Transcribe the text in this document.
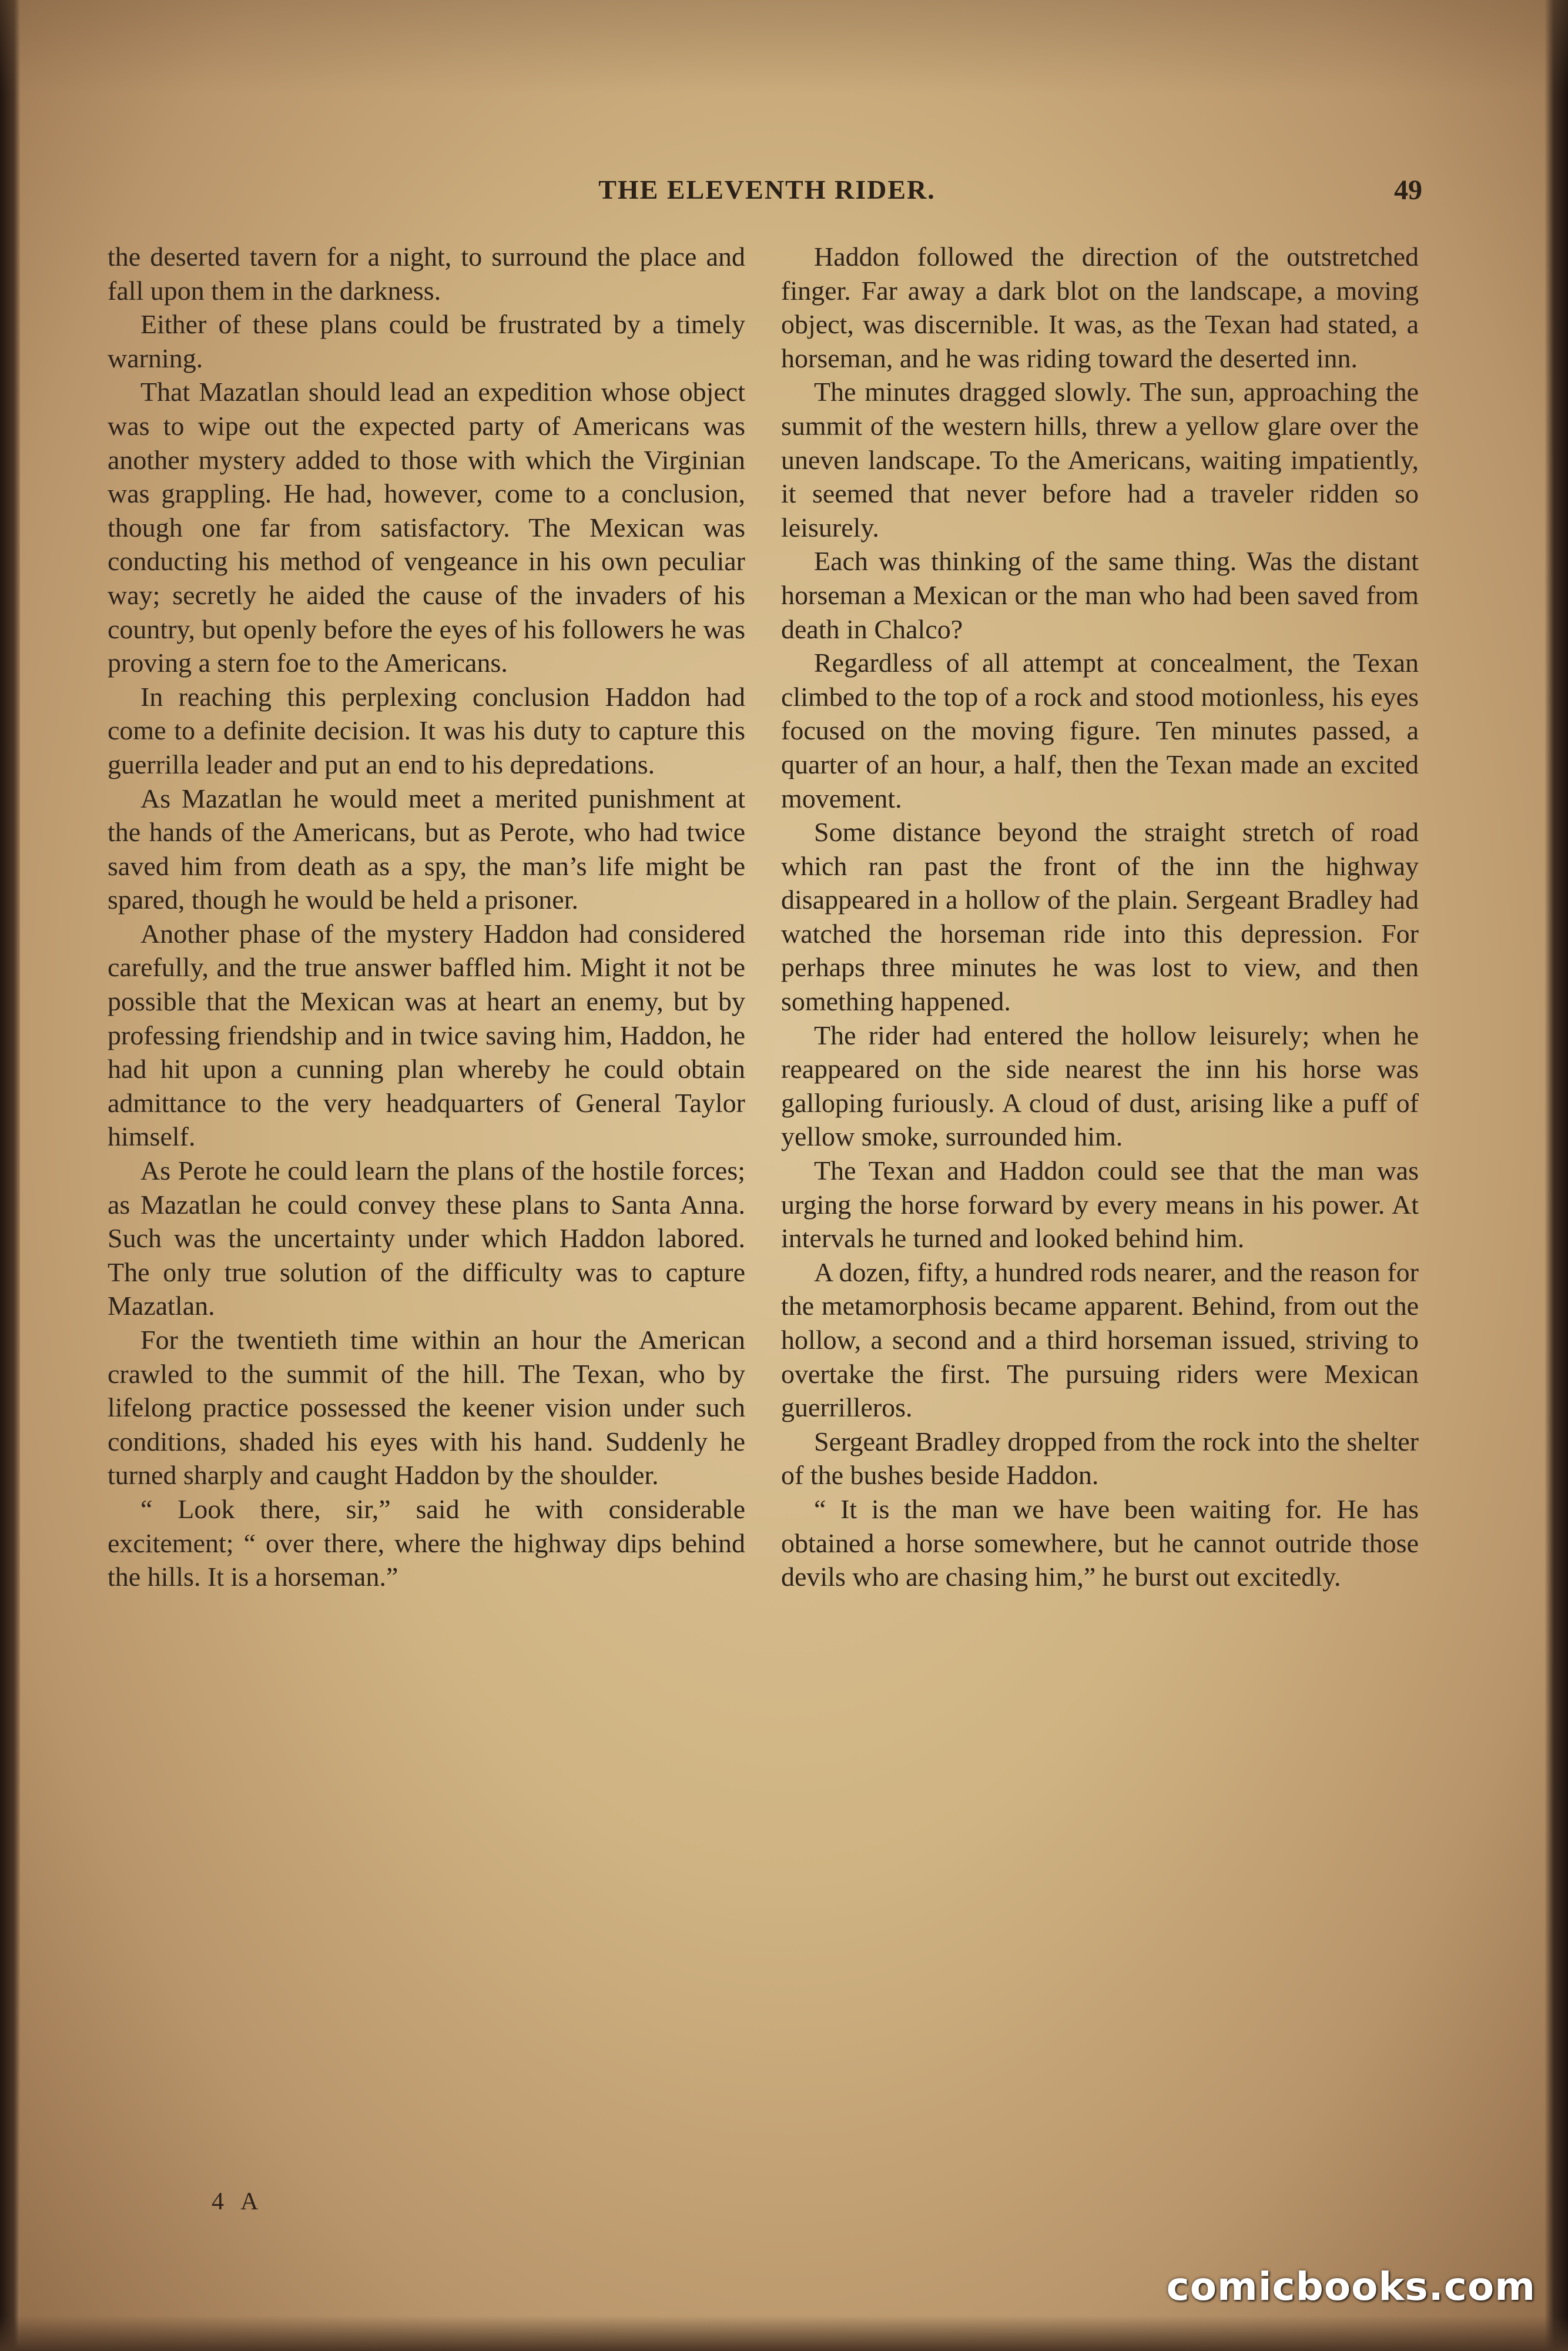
THE ELEVENTH RIDER.	49

the deserted tavern for a night, to surround the place and fall upon them in the darkness.

Either of these plans could be frustrated by a timely warning.

That Mazatlan should lead an expedition whose object was to wipe out the expected party of Americans was another mystery added to those with which the Virginian was grappling. He had, however, come to a conclusion, though one far from satisfactory. The Mexican was conducting his method of vengeance in his own peculiar way; secretly he aided the cause of the invaders of his country, but openly before the eyes of his followers he was proving a stern foe to the Americans.

In reaching this perplexing conclusion Haddon had come to a definite decision. It was his duty to capture this guerrilla leader and put an end to his depredations.

As Mazatlan he would meet a merited punishment at the hands of the Americans, but as Perote, who had twice saved him from death as a spy, the man’s life might be spared, though he would be held a prisoner.

Another phase of the mystery Haddon had considered carefully, and the true answer baffled him. Might it not be possible that the Mexican was at heart an enemy, but by professing friendship and in twice saving him, Haddon, he had hit upon a cunning plan whereby he could obtain admittance to the very headquarters of General Taylor himself.

As Perote he could learn the plans of the hostile forces; as Mazatlan he could convey these plans to Santa Anna. Such was the uncertainty under which Haddon labored. The only true solution of the difficulty was to capture Mazatlan.

For the twentieth time within an hour the American crawled to the summit of the hill. The Texan, who by lifelong practice possessed the keener vision under such conditions, shaded his eyes with his hand. Suddenly he turned sharply and caught Haddon by the shoulder.

“ Look there, sir,” said he with considerable excitement; “ over there, where the highway dips behind the hills. It is a horseman.”

Haddon followed the direction of the outstretched finger. Far away a dark blot on the landscape, a moving object, was discernible. It was, as the Texan had stated, a horseman, and he was riding toward the deserted inn.

The minutes dragged slowly. The sun, approaching the summit of the western hills, threw a yellow glare over the uneven landscape. To the Americans, waiting impatiently, it seemed that never before had a traveler ridden so leisurely.

Each was thinking of the same thing. Was the distant horseman a Mexican or the man who had been saved from death in Chalco?

Regardless of all attempt at concealment, the Texan climbed to the top of a rock and stood motionless, his eyes focused on the moving figure. Ten minutes passed, a quarter of an hour, a half, then the Texan made an excited movement.

Some distance beyond the straight stretch of road which ran past the front of the inn the highway disappeared in a hollow of the plain. Sergeant Bradley had watched the horseman ride into this depression. For perhaps three minutes he was lost to view, and then something happened.

The rider had entered the hollow leisurely; when he reappeared on the side nearest the inn his horse was galloping furiously. A cloud of dust, arising like a puff of yellow smoke, surrounded him.

The Texan and Haddon could see that the man was urging the horse forward by every means in his power. At intervals he turned and looked behind him.

A dozen, fifty, a hundred rods nearer, and the reason for the metamorphosis became apparent. Behind, from out the hollow, a second and a third horseman issued, striving to overtake the first. The pursuing riders were Mexican guerrilleros.

Sergeant Bradley dropped from the rock into the shelter of the bushes beside Haddon.

“ It is the man we have been waiting for. He has obtained a horse somewhere, but he cannot outride those devils who are chasing him,” he burst out excitedly.

4 A
comicbooks.com
